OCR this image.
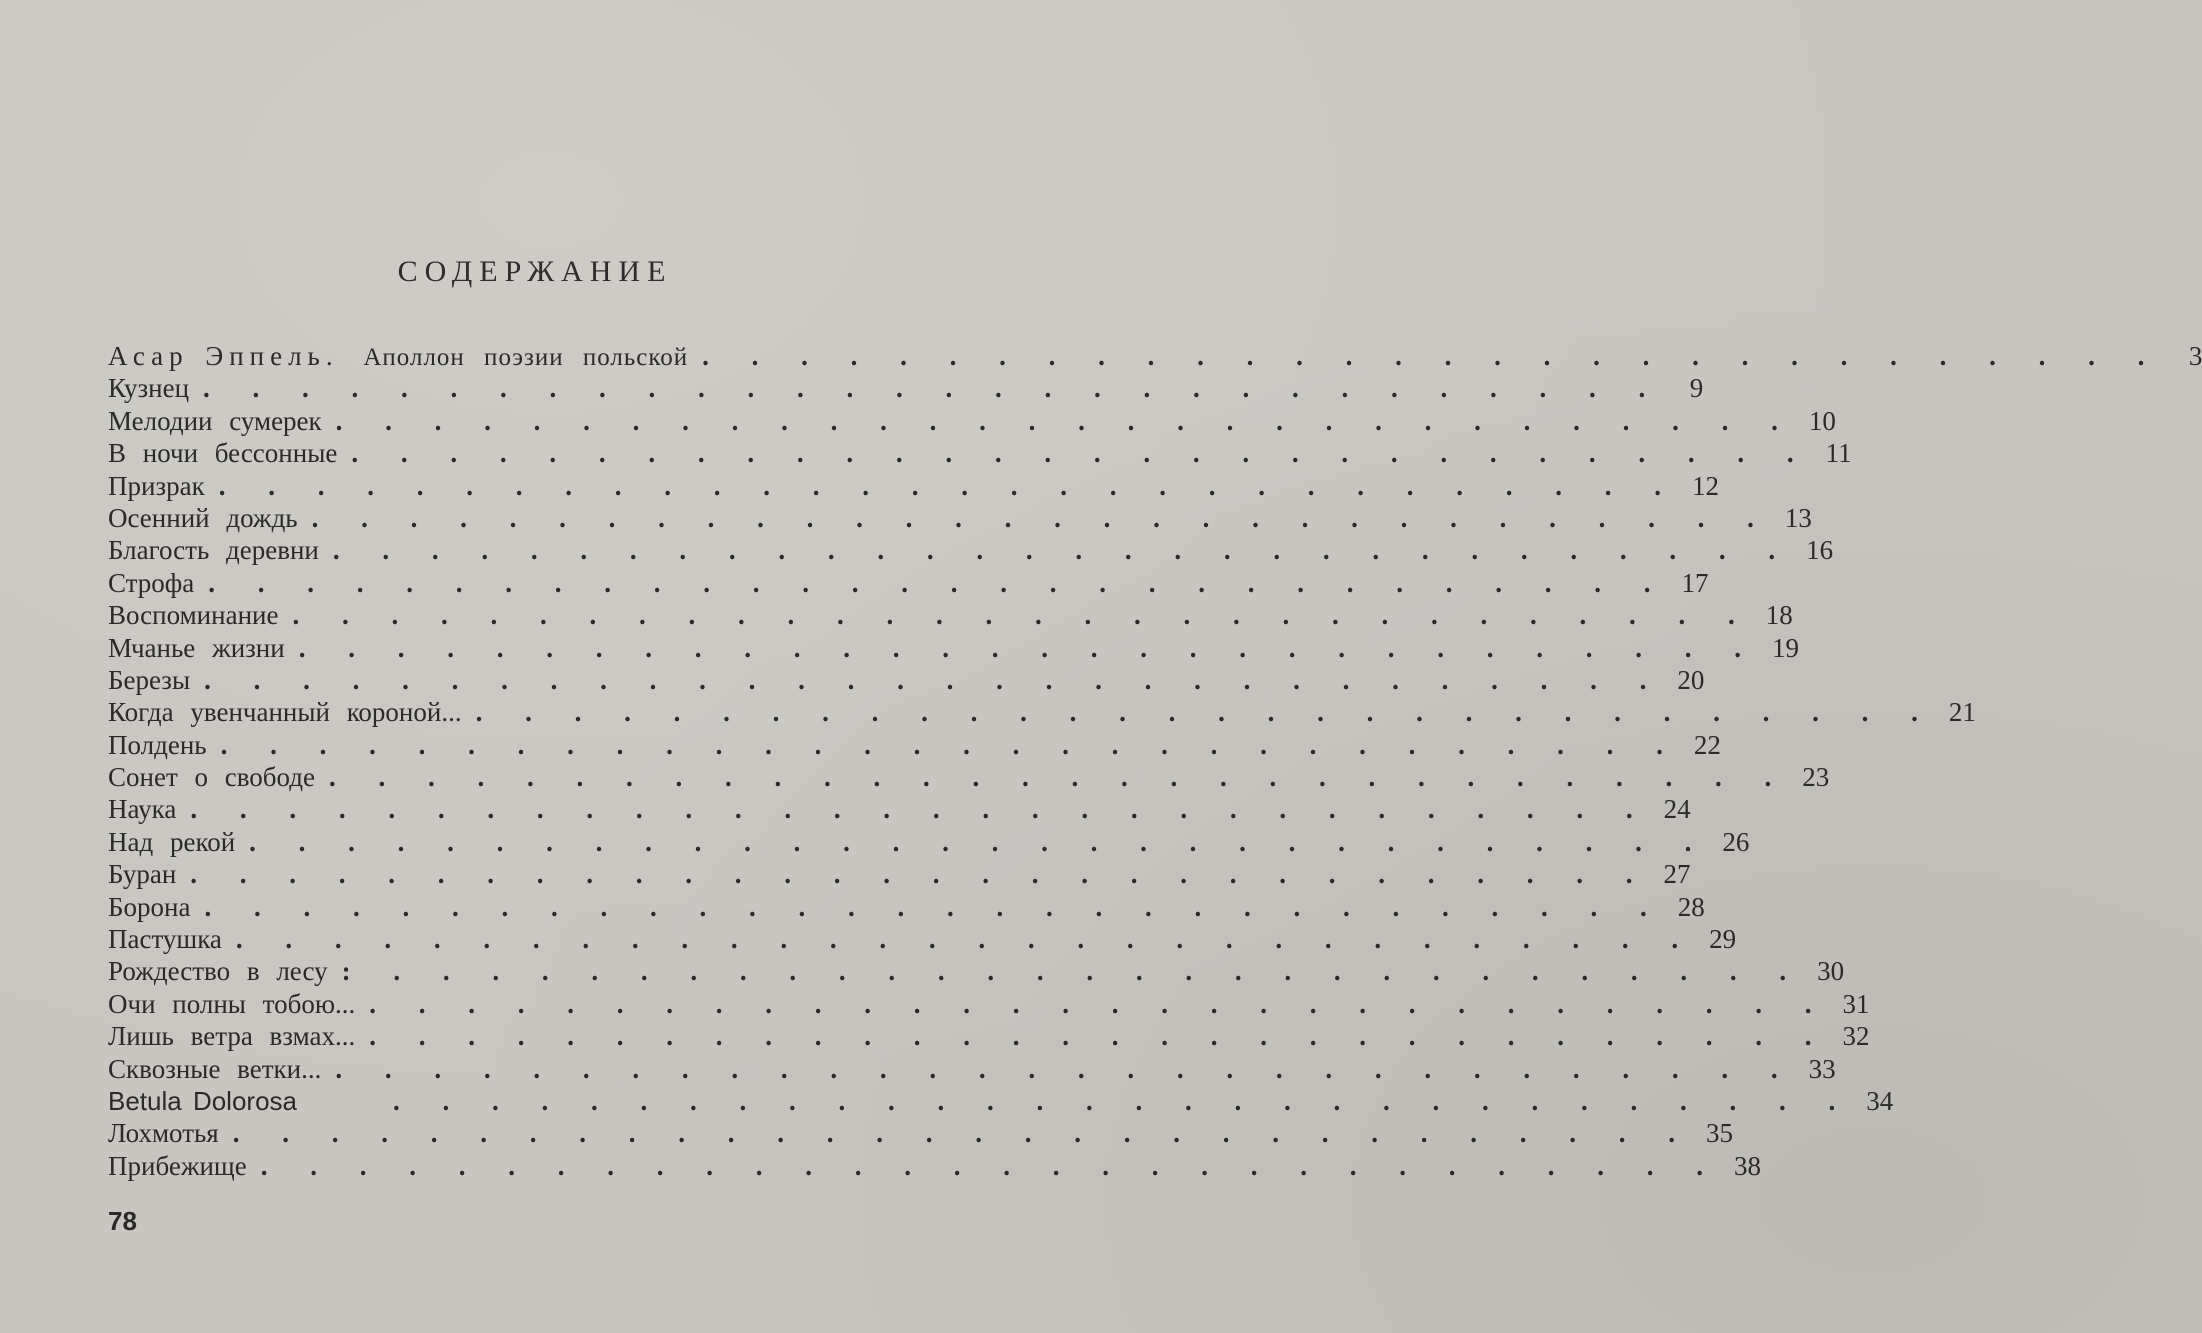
СОДЕРЖАНИЕ
Асар Эппель. Аполлон поэзии польской . . . . . . . . . . . . . . . . . . . . . . . . . . . . . . 3
Кузнец . . . . . . . . . . . . . . . . . . . . . . . . . . . . . . 9
Мелодии сумерек . . . . . . . . . . . . . . . . . . . . . . . . . . . . . . 10
В ночи бессонные . . . . . . . . . . . . . . . . . . . . . . . . . . . . . . 11
Призрак . . . . . . . . . . . . . . . . . . . . . . . . . . . . . . 12
Осенний дождь . . . . . . . . . . . . . . . . . . . . . . . . . . . . . . 13
Благость деревни . . . . . . . . . . . . . . . . . . . . . . . . . . . . . . 16
Строфа . . . . . . . . . . . . . . . . . . . . . . . . . . . . . . 17
Воспоминание . . . . . . . . . . . . . . . . . . . . . . . . . . . . . . 18
Мчанье жизни . . . . . . . . . . . . . . . . . . . . . . . . . . . . . . 19
Березы . . . . . . . . . . . . . . . . . . . . . . . . . . . . . . 20
Когда увенчанный короной... . . . . . . . . . . . . . . . . . . . . . . . . . . . . . . 21
Полдень . . . . . . . . . . . . . . . . . . . . . . . . . . . . . . 22
Сонет о свободе . . . . . . . . . . . . . . . . . . . . . . . . . . . . . . 23
Наука . . . . . . . . . . . . . . . . . . . . . . . . . . . . . . 24
Над рекой . . . . . . . . . . . . . . . . . . . . . . . . . . . . . . 26
Буран . . . . . . . . . . . . . . . . . . . . . . . . . . . . . . 27
Борона . . . . . . . . . . . . . . . . . . . . . . . . . . . . . . 28
Пастушка . . . . . . . . . . . . . . . . . . . . . . . . . . . . . . 29
Рождество в лесу : . . . . . . . . . . . . . . . . . . . . . . . . . . . . . 30
Очи полны тобою... . . . . . . . . . . . . . . . . . . . . . . . . . . . . . . 31
Лишь ветра взмах... . . . . . . . . . . . . . . . . . . . . . . . . . . . . . . 32
Сквозные ветки... . . . . . . . . . . . . . . . . . . . . . . . . . . . . . . 33
Betula Dolorosa	. . . . . . . . . . . . . . . . . . . . . . . . . . . . . . 34
Лохмотья . . . . . . . . . . . . . . . . . . . . . . . . . . . . . . 35
Прибежище . . . . . . . . . . . . . . . . . . . . . . . . . . . . . . 38
78
